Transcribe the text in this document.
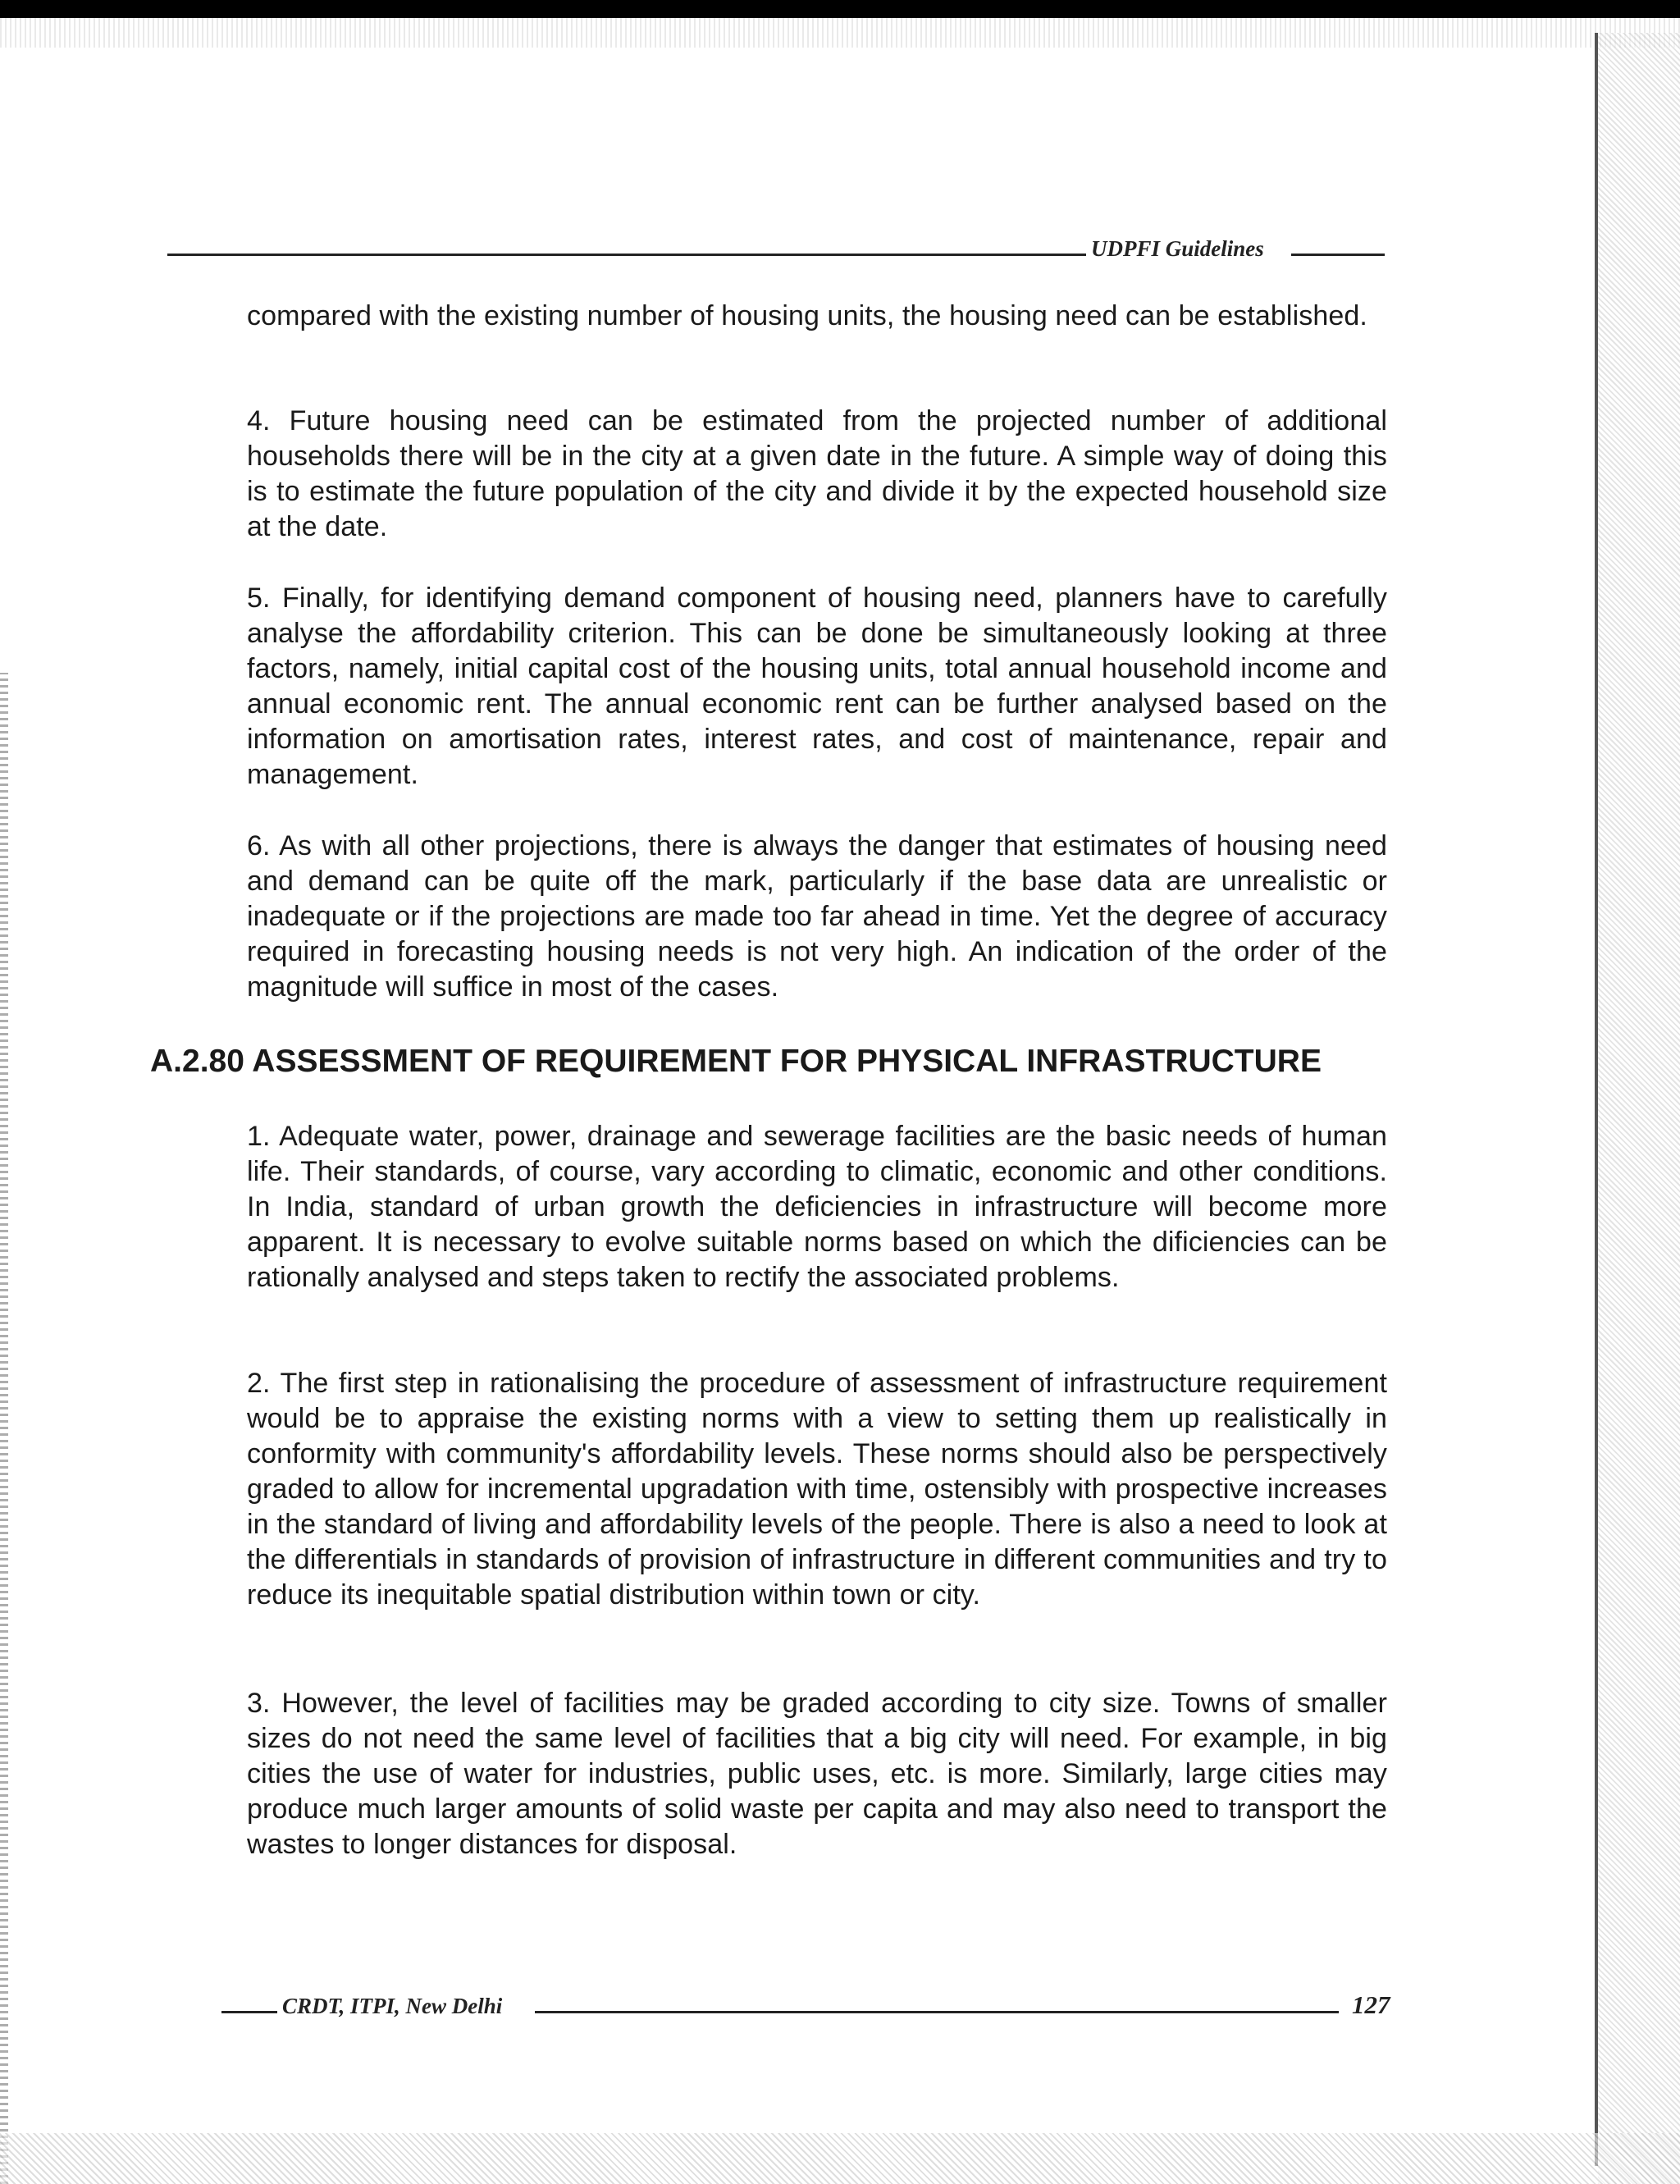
UDPFI Guidelines

compared with the existing number of housing units, the housing need can be established.

4. Future housing need can be estimated from the projected number of additional households there will be in the city at a given date in the future. A simple way of doing this is to estimate the future population of the city and divide it by the expected household size at the date.

5. Finally, for identifying demand component of housing need, planners have to carefully analyse the affordability criterion. This can be done be simultaneously looking at three factors, namely, initial capital cost of the housing units, total annual household income and annual economic rent. The annual economic rent can be further analysed based on the information on amortisation rates, interest rates, and cost of maintenance, repair and management.

6. As with all other projections, there is always the danger that estimates of housing need and demand can be quite off the mark, particularly if the base data are unrealistic or inadequate or if the projections are made too far ahead in time. Yet the degree of accuracy required in forecasting housing needs is not very high. An indication of the order of the magnitude will suffice in most of the cases.

A.2.80 ASSESSMENT OF REQUIREMENT FOR PHYSICAL INFRASTRUCTURE

1. Adequate water, power, drainage and sewerage facilities are the basic needs of human life. Their standards, of course, vary according to climatic, economic and other conditions. In India, standard of urban growth the deficiencies in infrastructure will become more apparent. It is necessary to evolve suitable norms based on which the dificiencies can be rationally analysed and steps taken to rectify the associated problems.

2. The first step in rationalising the procedure of assessment of infrastructure requirement would be to appraise the existing norms with a view to setting them up realistically in conformity with community's affordability levels. These norms should also be perspectively graded to allow for incremental upgradation with time, ostensibly with prospective increases in the standard of living and affordability levels of the people. There is also a need to look at the differentials in standards of provision of infrastructure in different communities and try to reduce its inequitable spatial distribution within town or city.

3. However, the level of facilities may be graded according to city size. Towns of smaller sizes do not need the same level of facilities that a big city will need. For example, in big cities the use of water for industries, public uses, etc. is more. Similarly, large cities may produce much larger amounts of solid waste per capita and may also need to transport the wastes to longer distances for disposal.

CRDT, ITPI, New Delhi	127
